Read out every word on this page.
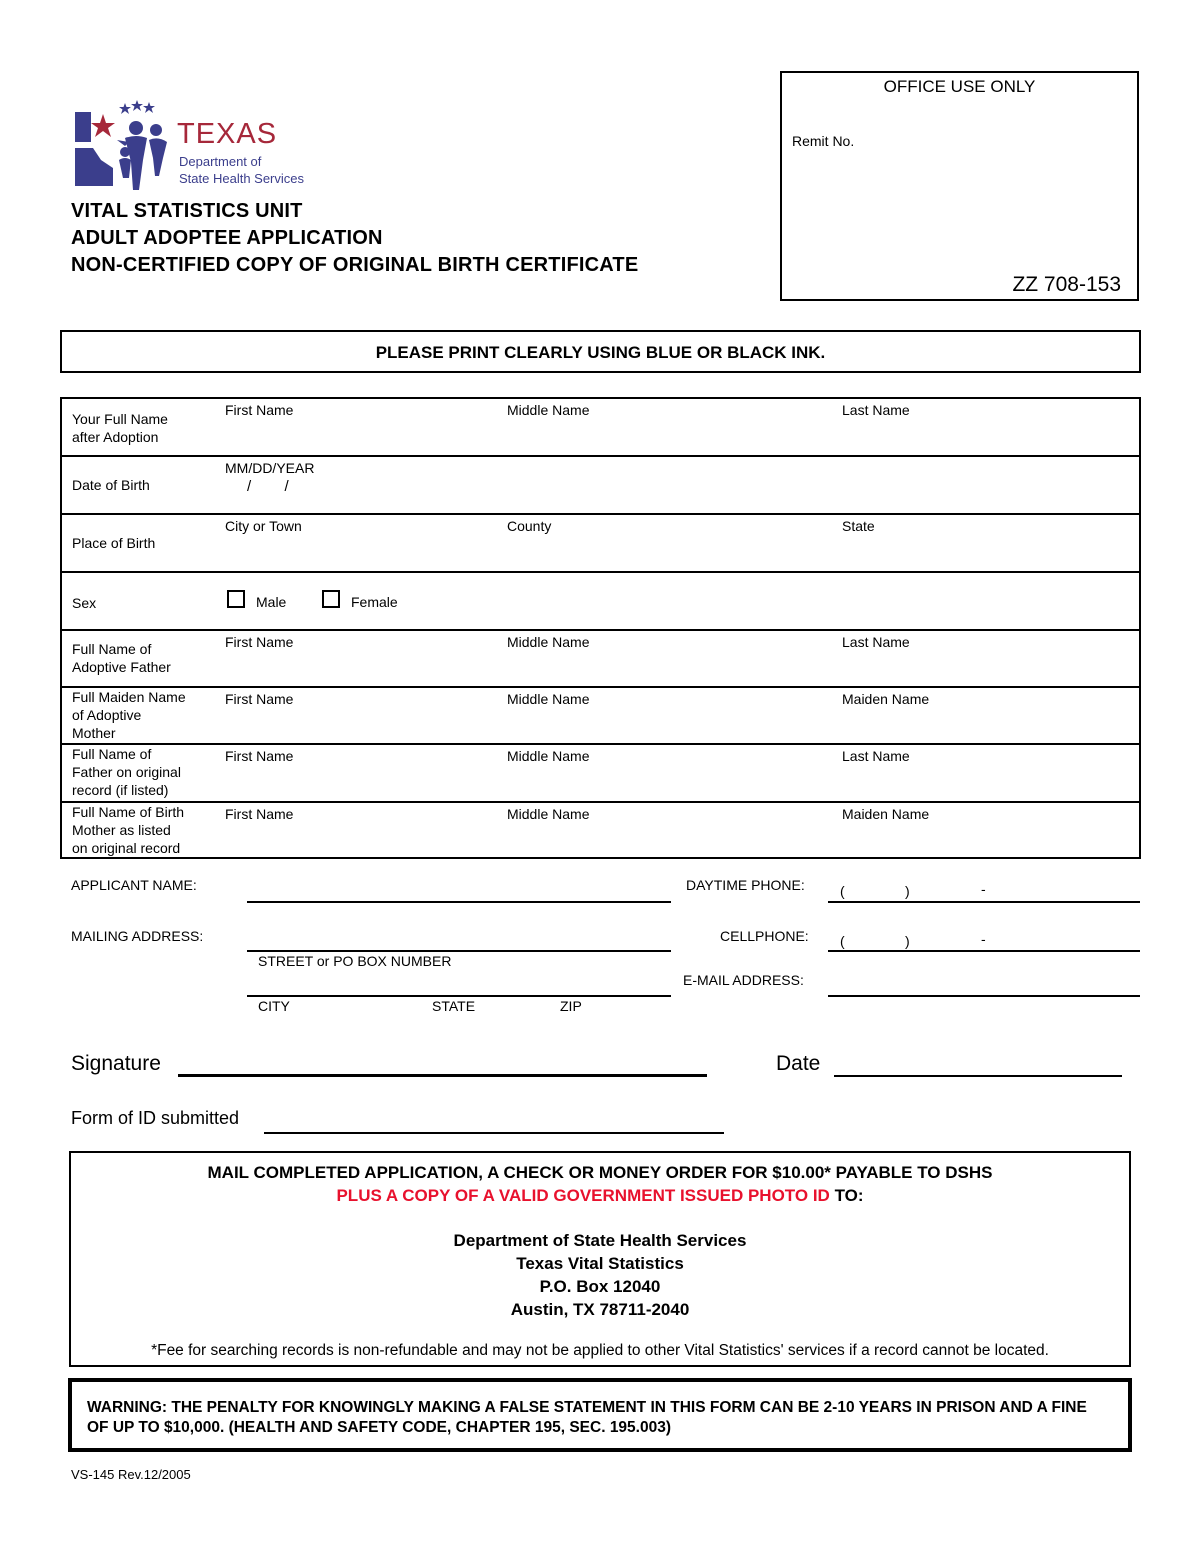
TEXAS
Department of
State Health Services
VITAL STATISTICS UNIT
ADULT ADOPTEE APPLICATION
NON-CERTIFIED COPY OF ORIGINAL BIRTH CERTIFICATE
OFFICE USE ONLY
Remit No.
ZZ 708-153
PLEASE PRINT CLEARLY USING BLUE OR BLACK INK.
Your Full Name
after Adoption
First Name	Middle Name	Last Name
Date of Birth
MM/DD/YEAR
/        /
Place of Birth
City or Town	County	State
Sex	Male	Female
Full Name of
Adoptive Father
First Name	Middle Name	Last Name
Full Maiden Name
of Adoptive
Mother
First Name	Middle Name	Maiden Name
Full Name of
Father on original
record (if listed)
First Name	Middle Name	Last Name
Full Name of Birth
Mother as listed
on original record
First Name	Middle Name	Maiden Name
APPLICANT NAME:
MAILING ADDRESS:
STREET or PO BOX NUMBER
CITY	STATE	ZIP
DAYTIME PHONE:	(	)	-
CELLPHONE: (	)	-
E-MAIL ADDRESS:
Signature	Date
Form of ID submitted
MAIL COMPLETED APPLICATION, A CHECK OR MONEY ORDER FOR $10.00* PAYABLE TO DSHS
PLUS A COPY OF A VALID GOVERNMENT ISSUED PHOTO ID TO:
Department of State Health Services
Texas Vital Statistics
P.O. Box 12040
Austin, TX 78711-2040
*Fee for searching records is non-refundable and may not be applied to other Vital Statistics' services if a record cannot be located.
WARNING: THE PENALTY FOR KNOWINGLY MAKING A FALSE STATEMENT IN THIS FORM CAN BE 2-10 YEARS IN PRISON AND A FINE OF UP TO $10,000. (HEALTH AND SAFETY CODE, CHAPTER 195, SEC. 195.003)
VS-145 Rev.12/2005
